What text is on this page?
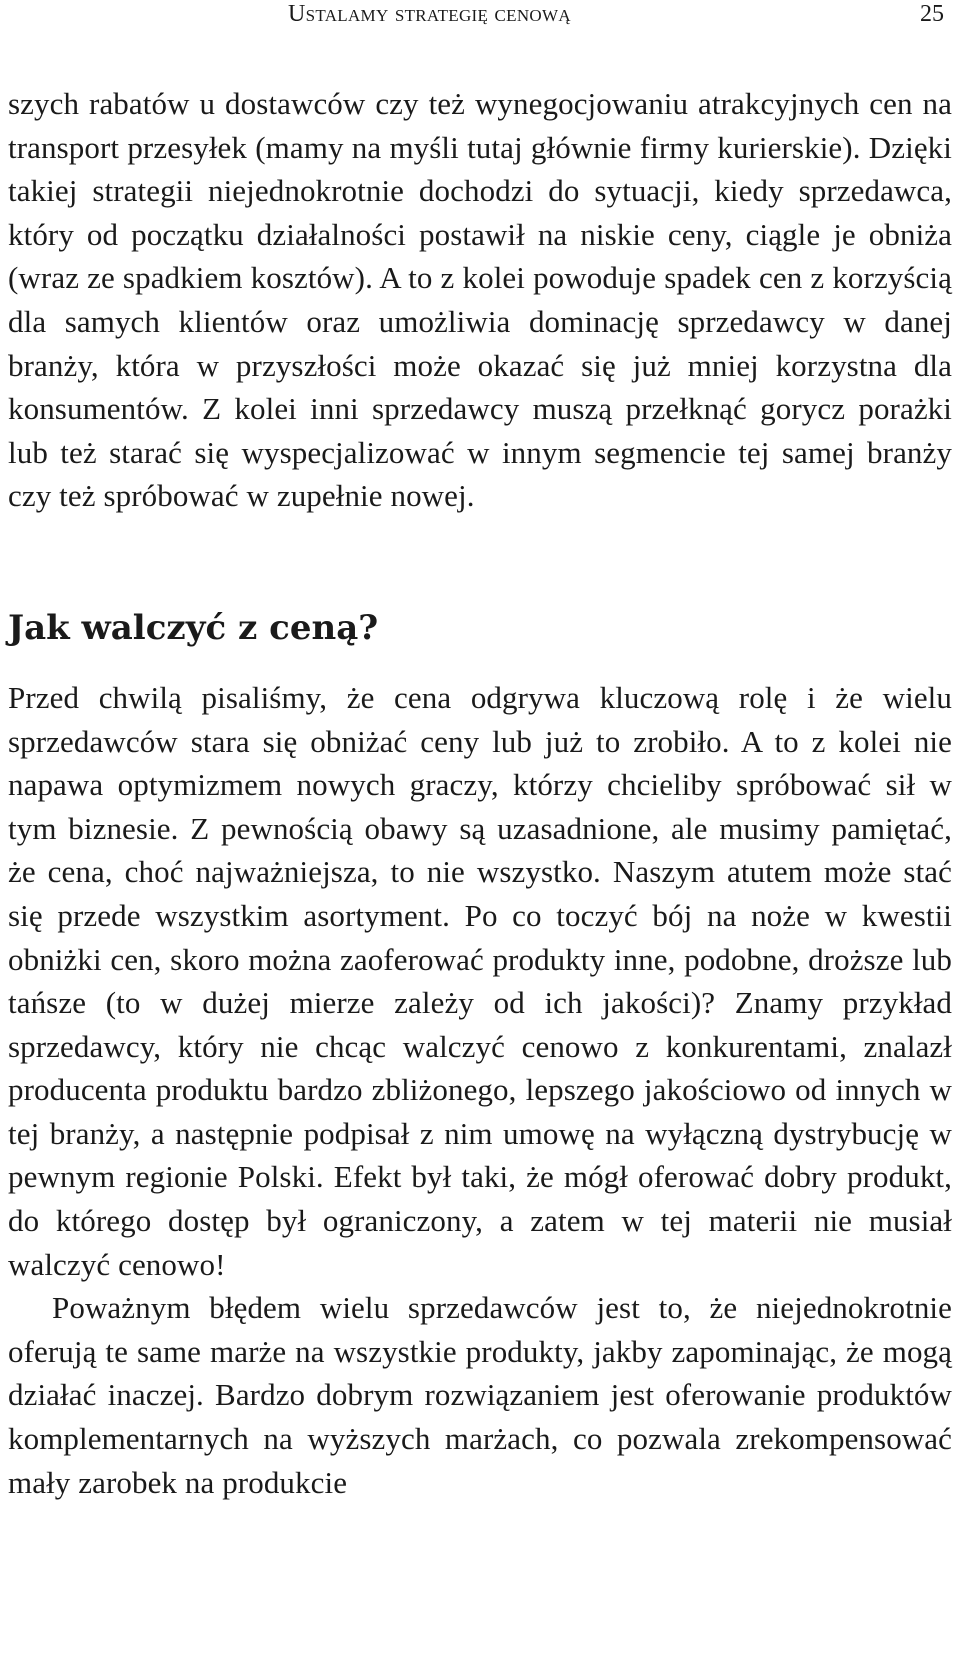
Ustalamy strategię cenową	25

szych rabatów u dostawców czy też wynegocjowaniu atrakcyjnych cen na transport przesyłek (mamy na myśli tutaj głównie firmy kurierskie). Dzięki takiej strategii niejednokrotnie dochodzi do sytuacji, kiedy sprzedawca, który od początku działalności postawił na niskie ceny, ciągle je obniża (wraz ze spadkiem kosztów). A to z kolei powoduje spadek cen z korzyścią dla samych klientów oraz umożliwia dominację sprzedawcy w danej branży, która w przyszłości może okazać się już mniej korzystna dla konsumentów. Z kolei inni sprzedawcy muszą przełknąć gorycz porażki lub też starać się wyspecjalizować w innym segmencie tej samej branży czy też spróbować w zupełnie nowej.

Jak walczyć z ceną?

Przed chwilą pisaliśmy, że cena odgrywa kluczową rolę i że wielu sprzedawców stara się obniżać ceny lub już to zrobiło. A to z kolei nie napawa optymizmem nowych graczy, którzy chcieliby spróbować sił w tym biznesie. Z pewnością obawy są uzasadnione, ale musimy pamiętać, że cena, choć najważniejsza, to nie wszystko. Naszym atutem może stać się przede wszystkim asortyment. Po co toczyć bój na noże w kwestii obniżki cen, skoro można zaoferować produkty inne, podobne, droższe lub tańsze (to w dużej mierze zależy od ich jakości)? Znamy przykład sprzedawcy, który nie chcąc walczyć cenowo z konkurentami, znalazł producenta produktu bardzo zbliżonego, lepszego jakościowo od innych w tej branży, a następnie podpisał z nim umowę na wyłączną dystrybucję w pewnym regionie Polski. Efekt był taki, że mógł oferować dobry produkt, do którego dostęp był ograniczony, a zatem w tej materii nie musiał walczyć cenowo!

Poważnym błędem wielu sprzedawców jest to, że niejednokrotnie oferują te same marże na wszystkie produkty, jakby zapominając, że mogą działać inaczej. Bardzo dobrym rozwiązaniem jest oferowanie produktów komplementarnych na wyższych marżach, co pozwala zrekompensować mały zarobek na produkcie
